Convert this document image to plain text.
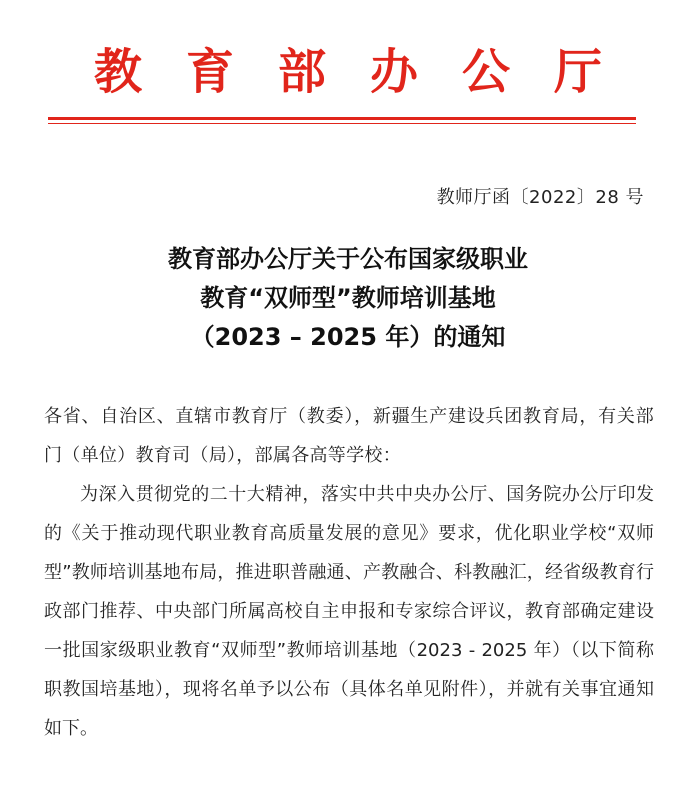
教育部办公厅
教师厅函〔2022〕28 号
教育部办公厅关于公布国家级职业
教育“双师型”教师培训基地
（2023 – 2025 年）的通知

各省、自治区、直辖市教育厅（教委），新疆生产建设兵团教育局，有关部门（单位）教育司（局），部属各高等学校：

为深入贯彻党的二十大精神，落实中共中央办公厅、国务院办公厅印发的《关于推动现代职业教育高质量发展的意见》要求，优化职业学校“双师型”教师培训基地布局，推进职普融通、产教融合、科教融汇，经省级教育行政部门推荐、中央部门所属高校自主申报和专家综合评议，教育部确定建设一批国家级职业教育“双师型”教师培训基地（2023 - 2025 年）（以下简称职教国培基地），现将名单予以公布（具体名单见附件），并就有关事宜通知如下。
